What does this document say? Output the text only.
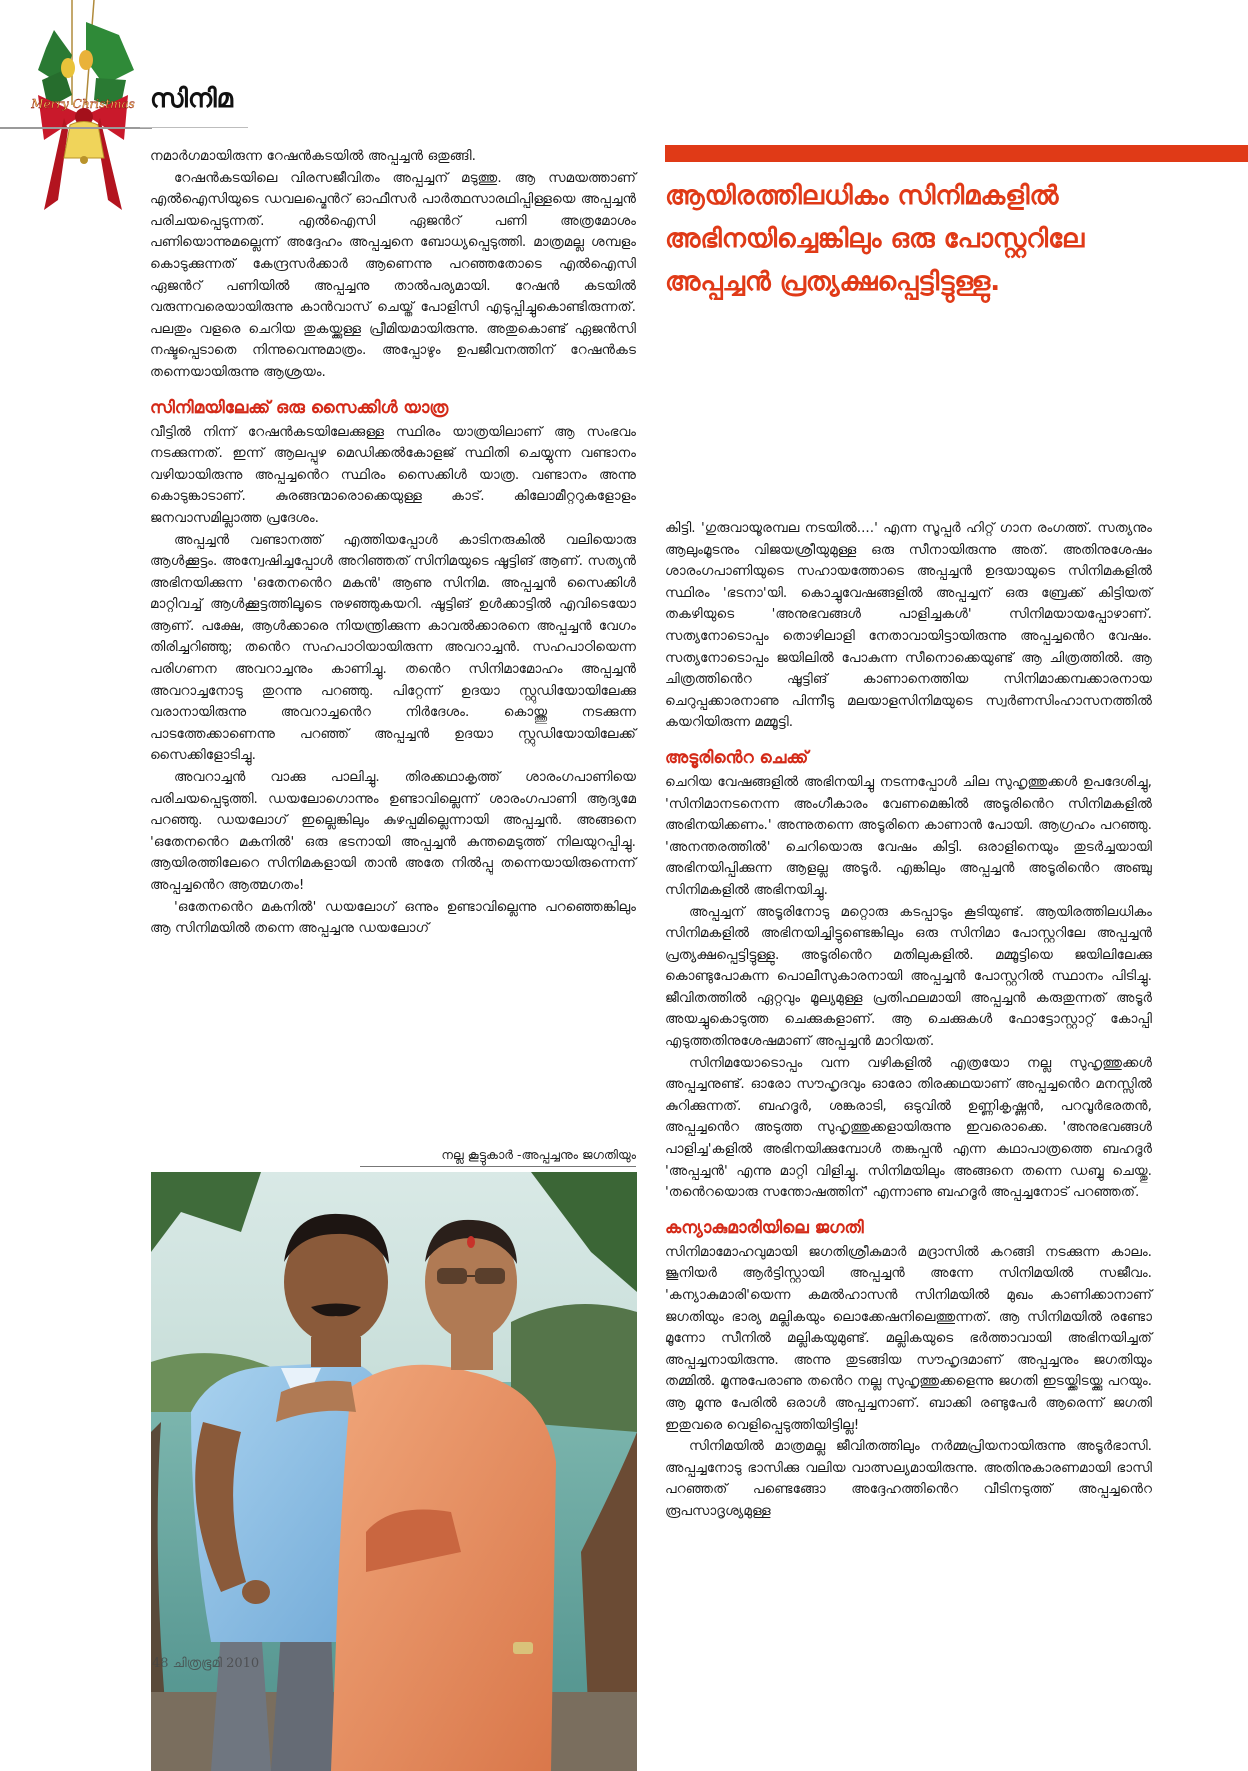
Merry Christmas സിനിമ

നമാർഗമായിരുന്ന റേഷൻകടയിൽ അപ്പച്ചൻ ഒതുങ്ങി.

റേഷൻകടയിലെ വിരസജീവിതം അപ്പച്ചന് മടുത്തു. ആ സമയത്താണ് എൽഐസിയുടെ ഡവലപ്മെൻറ് ഓഫീസർ പാർത്ഥസാരഥിപ്പിള്ളയെ അപ്പച്ചൻ പരിചയപ്പെടുന്നത്. എൽഐസി ഏജൻറ് പണി അത്രമോശം പണിയൊന്നുമല്ലെന്ന് അദ്ദേഹം അപ്പച്ചനെ ബോധ്യപ്പെടുത്തി. മാത്രമല്ല ശമ്പളം കൊടുക്കുന്നത് കേന്ദ്രസർക്കാർ ആണെന്നു പറഞ്ഞതോടെ എൽഐസി ഏജൻറ് പണിയിൽ അപ്പച്ചനു താൽപര്യമായി. റേഷൻ കടയിൽ വരുന്നവരെയായിരുന്നു കാൻവാസ് ചെയ്ത് പോളിസി എടുപ്പിച്ചുകൊണ്ടിരുന്നത്. പലതും വളരെ ചെറിയ തുകയ്ക്കുള്ള പ്രീമിയമായിരുന്നു. അതുകൊണ്ട് ഏജൻസി നഷ്ടപ്പെടാതെ നിന്നുവെന്നുമാത്രം. അപ്പോഴും ഉപജീവനത്തിന് റേഷൻകട തന്നെയായിരുന്നു ആശ്രയം.

സിനിമയിലേക്ക് ഒരു സൈക്കിൾ യാത്ര

വീട്ടിൽ നിന്ന് റേഷൻകടയിലേക്കുള്ള സ്ഥിരം യാത്രയിലാണ് ആ സംഭവം നടക്കുന്നത്. ഇന്ന് ആലപ്പുഴ മെഡിക്കൽകോളജ് സ്ഥിതി ചെയ്യുന്ന വണ്ടാനം വഴിയായിരുന്നു അപ്പച്ചൻെറ സ്ഥിരം സൈക്കിൾ യാത്ര. വണ്ടാനം അന്നു കൊടുങ്കാടാണ്. കുരങ്ങന്മാരൊക്കെയുള്ള കാട്. കിലോമീറ്ററുകളോളം ജനവാസമില്ലാത്ത പ്രദേശം.

അപ്പച്ചൻ വണ്ടാനത്ത് എത്തിയപ്പോൾ കാടിനരുകിൽ വലിയൊരു ആൾക്കൂട്ടം. അന്വേഷിച്ചപ്പോൾ അറിഞ്ഞത് സിനിമയുടെ ഷൂട്ടിങ് ആണ്. സത്യൻ അഭിനയിക്കുന്ന 'ഒതേനൻെറ മകൻ' ആണു സിനിമ. അപ്പച്ചൻ സൈക്കിൾ മാറ്റിവച്ച് ആൾക്കൂട്ടത്തിലൂടെ നുഴഞ്ഞുകയറി. ഷൂട്ടിങ് ഉൾക്കാട്ടിൽ എവിടെയോ ആണ്. പക്ഷേ, ആൾക്കാരെ നിയന്ത്രിക്കുന്ന കാവൽക്കാരനെ അപ്പച്ചൻ വേഗം തിരിച്ചറിഞ്ഞു; തൻെറ സഹപാഠിയായിരുന്ന അവറാച്ചൻ. സഹപാഠിയെന്ന പരിഗണന അവറാച്ചനും കാണിച്ചു. തൻെറ സിനിമാമോഹം അപ്പച്ചൻ അവറാച്ചനോടു തുറന്നു പറഞ്ഞു. പിറ്റേന്ന് ഉദയാ സ്റ്റുഡിയോയിലേക്കു വരാനായിരുന്നു അവറാച്ചൻെറ നിർദേശം. കൊയ്ത്തു നടക്കുന്ന പാടത്തേക്കാണെന്നു പറഞ്ഞ് അപ്പച്ചൻ ഉദയാ സ്റ്റുഡിയോയിലേക്ക് സൈക്കിളോടിച്ചു.

അവറാച്ചൻ വാക്കു പാലിച്ചു. തിരക്കഥാകൃത്ത് ശാരംഗപാണിയെ പരിചയപ്പെടുത്തി. ഡയലോഗൊന്നും ഉണ്ടാവില്ലെന്ന് ശാരംഗപാണി ആദ്യമേ പറഞ്ഞു. ഡയലോഗ് ഇല്ലെങ്കിലും കുഴപ്പമില്ലെന്നായി അപ്പച്ചൻ. അങ്ങനെ 'ഒതേനൻെറ മകനിൽ' ഒരു ഭടനായി അപ്പച്ചൻ കുന്തമെടുത്ത് നിലയുറപ്പിച്ചു. ആയിരത്തിലേറെ സിനിമകളായി താൻ അതേ നിൽപ്പു തന്നെയായിരുന്നെന്ന് അപ്പച്ചൻെറ ആത്മഗതം!

'ഒതേനൻെറ മകനിൽ' ഡയലോഗ് ഒന്നും ഉണ്ടാവില്ലെന്നു പറഞ്ഞെങ്കിലും ആ സിനിമയിൽ തന്നെ അപ്പച്ചനു ഡയലോഗ്

നല്ല കൂട്ടുകാർ -അപ്പച്ചനും ജഗതിയും
48 ചിത്രഭൂമി 2010
ആയിരത്തിലധികം സിനിമകളിൽ അഭിനയിച്ചെങ്കിലും ഒരു പോസ്റ്ററിലേ അപ്പച്ചൻ പ്രത്യക്ഷപ്പെട്ടിട്ടുള്ളു.

കിട്ടി. 'ഗുരുവായൂരമ്പല നടയിൽ....' എന്ന സൂപ്പർ ഹിറ്റ് ഗാന രംഗത്ത്. സത്യനും ആലുംമൂടനും വിജയശ്രീയുമുള്ള ഒരു സീനായിരുന്നു അത്. അതിനുശേഷം ശാരംഗപാണിയുടെ സഹായത്തോടെ അപ്പച്ചൻ ഉദയായുടെ സിനിമകളിൽ സ്ഥിരം 'ഭടനാ'യി. കൊച്ചുവേഷങ്ങളിൽ അപ്പച്ചന് ഒരു ബ്രേക്ക് കിട്ടിയത് തകഴിയുടെ 'അനുഭവങ്ങൾ പാളിച്ചകൾ' സിനിമയായപ്പോഴാണ്. സത്യനോടൊപ്പം തൊഴിലാളി നേതാവായിട്ടായിരുന്നു അപ്പച്ചൻെറ വേഷം. സത്യനോടൊപ്പം ജയിലിൽ പോകുന്ന സീനൊക്കെയുണ്ട് ആ ചിത്രത്തിൽ. ആ ചിത്രത്തിൻെറ ഷൂട്ടിങ് കാണാനെത്തിയ സിനിമാക്കമ്പക്കാരനായ ചെറുപ്പക്കാരനാണു പിന്നീടു മലയാളസിനിമയുടെ സ്വർണസിംഹാസനത്തിൽ കയറിയിരുന്ന മമ്മൂട്ടി.

അടൂരിൻെറ ചെക്ക്

ചെറിയ വേഷങ്ങളിൽ അഭിനയിച്ചു നടന്നപ്പോൾ ചില സുഹൃത്തുക്കൾ ഉപദേശിച്ചു, 'സിനിമാനടനെന്ന അംഗീകാരം വേണമെങ്കിൽ അടൂരിൻെറ സിനിമകളിൽ അഭിനയിക്കണം.' അന്നുതന്നെ അടൂരിനെ കാണാൻ പോയി. ആഗ്രഹം പറഞ്ഞു. 'അനന്തരത്തിൽ' ചെറിയൊരു വേഷം കിട്ടി. ഒരാളിനെയും തുടർച്ചയായി അഭിനയിപ്പിക്കുന്ന ആളല്ല അടൂർ. എങ്കിലും അപ്പച്ചൻ അടൂരിൻെറ അഞ്ചു സിനിമകളിൽ അഭിനയിച്ചു.

അപ്പച്ചന് അടൂരിനോടു മറ്റൊരു കടപ്പാടും കൂടിയുണ്ട്. ആയിരത്തിലധികം സിനിമകളിൽ അഭിനയിച്ചിട്ടുണ്ടെങ്കിലും ഒരു സിനിമാ പോസ്റ്ററിലേ അപ്പച്ചൻ പ്രത്യക്ഷപ്പെട്ടിട്ടുള്ളു. അടൂരിൻെറ മതിലുകളിൽ. മമ്മൂട്ടിയെ ജയിലിലേക്കു കൊണ്ടുപോകുന്ന പൊലീസുകാരനായി അപ്പച്ചൻ പോസ്റ്ററിൽ സ്ഥാനം പിടിച്ചു. ജീവിതത്തിൽ ഏറ്റവും മൂല്യമുള്ള പ്രതിഫലമായി അപ്പച്ചൻ കരുതുന്നത് അടൂർ അയച്ചുകൊടുത്ത ചെക്കുകളാണ്. ആ ചെക്കുകൾ ഫോട്ടോസ്റ്റാറ്റ് കോപ്പി എടുത്തതിനുശേഷമാണ് അപ്പച്ചൻ മാറിയത്.

സിനിമയോടൊപ്പം വന്ന വഴികളിൽ എത്രയോ നല്ല സുഹൃത്തുക്കൾ അപ്പച്ചനുണ്ട്. ഓരോ സൗഹൃദവും ഓരോ തിരക്കഥയാണ് അപ്പച്ചൻെറ മനസ്സിൽ കുറിക്കുന്നത്. ബഹദൂർ, ശങ്കരാടി, ഒടുവിൽ ഉണ്ണികൃഷ്ണൻ, പറവൂർഭരതൻ, അപ്പച്ചൻെറ അടുത്ത സുഹൃത്തുക്കളായിരുന്നു ഇവരൊക്കെ. 'അനുഭവങ്ങൾ പാളിച്ച'കളിൽ അഭിനയിക്കുമ്പോൾ തങ്കപ്പൻ എന്ന കഥാപാത്രത്തെ ബഹദൂർ 'അപ്പച്ചൻ' എന്നു മാറ്റി വിളിച്ചു. സിനിമയിലും അങ്ങനെ തന്നെ ഡബ്ബു ചെയ്തു. 'തൻെറയൊരു സന്തോഷത്തിന്' എന്നാണു ബഹദൂർ അപ്പച്ചനോട് പറഞ്ഞത്.

കന്യാകുമാരിയിലെ ജഗതി

സിനിമാമോഹവുമായി ജഗതിശ്രീകുമാർ മദ്രാസിൽ കറങ്ങി നടക്കുന്ന കാലം. ജൂനിയർ ആർട്ടിസ്റ്റായി അപ്പച്ചൻ അന്നേ സിനിമയിൽ സജീവം. 'കന്യാകുമാരി'യെന്ന കമൽഹാസൻ സിനിമയിൽ മുഖം കാണിക്കാനാണ് ജഗതിയും ഭാര്യ മല്ലികയും ലൊക്കേഷനിലെത്തുന്നത്. ആ സിനിമയിൽ രണ്ടോ മൂന്നോ സീനിൽ മല്ലികയുമുണ്ട്. മല്ലികയുടെ ഭർത്താവായി അഭിനയിച്ചത് അപ്പച്ചനായിരുന്നു. അന്നു തുടങ്ങിയ സൗഹൃദമാണ് അപ്പച്ചനും ജഗതിയും തമ്മിൽ. മൂന്നുപേരാണു തൻെറ നല്ല സുഹൃത്തുക്കളെന്നു ജഗതി ഇടയ്ക്കിടയ്ക്കു പറയും. ആ മൂന്നു പേരിൽ ഒരാൾ അപ്പച്ചനാണ്. ബാക്കി രണ്ടുപേർ ആരെന്ന് ജഗതി ഇതുവരെ വെളിപ്പെടുത്തിയിട്ടില്ല!

സിനിമയിൽ മാത്രമല്ല ജീവിതത്തിലും നർമ്മപ്രിയനായിരുന്നു അടൂർഭാസി. അപ്പച്ചനോടു ഭാസിക്കു വലിയ വാത്സല്യമായിരുന്നു. അതിനുകാരണമായി ഭാസി പറഞ്ഞത് പണ്ടെങ്ങോ അദ്ദേഹത്തിൻെറ വീടിനടുത്ത് അപ്പച്ചൻെറ രൂപസാദൃശ്യമുള്ള
